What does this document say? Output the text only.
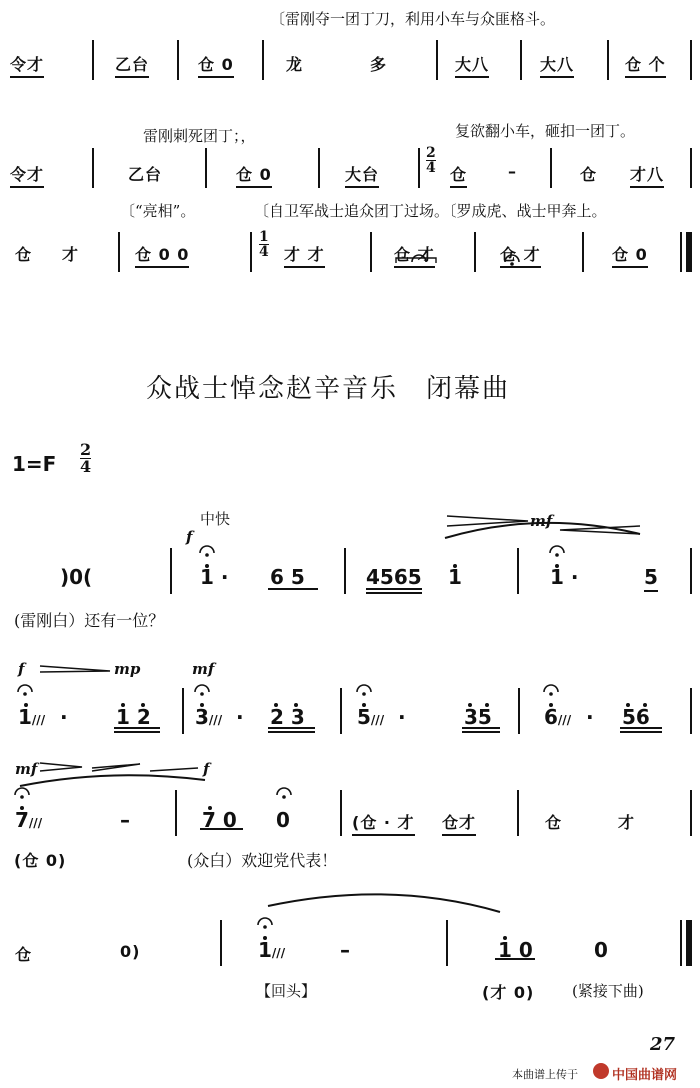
〔雷刚夺一团丁刀，利用小车与众匪格斗。
令才	乙台	仓 0	龙	多	大八	大八	仓 个
雷刚刺死团丁；，	复欲翻小车，砸扣一团丁。
令才	乙台	仓 0	大台	$\frac{2}{4}$ 仓	–	仓 才八
〔“亮相”。	〔自卫军战士追众团丁过场。〔罗成虎、战士甲奔上。
仓 才	仓 0 0	$\frac{1}{4}$ 才 才	仓 才	仓 才	仓 0
众战士悼念赵辛音乐　闭幕曲
$1=F \frac{2}{4}$
中快
f
mf
)0(	1 · 6 5	4565 1	1 ·	5
(雷刚白）还有一位？
f	mp	mf
1/// · 1 2 3/// · 2 3	5/// ·	35	6/// · 56
mf	f
7///	–	7 0 0	(仓 · 才 仓才	仓	才
(仓 0)	(众白）欢迎党代表！
仓	0)	1///	–	1 0	0
【回头】	(才 0)	(紧接下曲)
27
本曲谱上传于	中国曲谱网
